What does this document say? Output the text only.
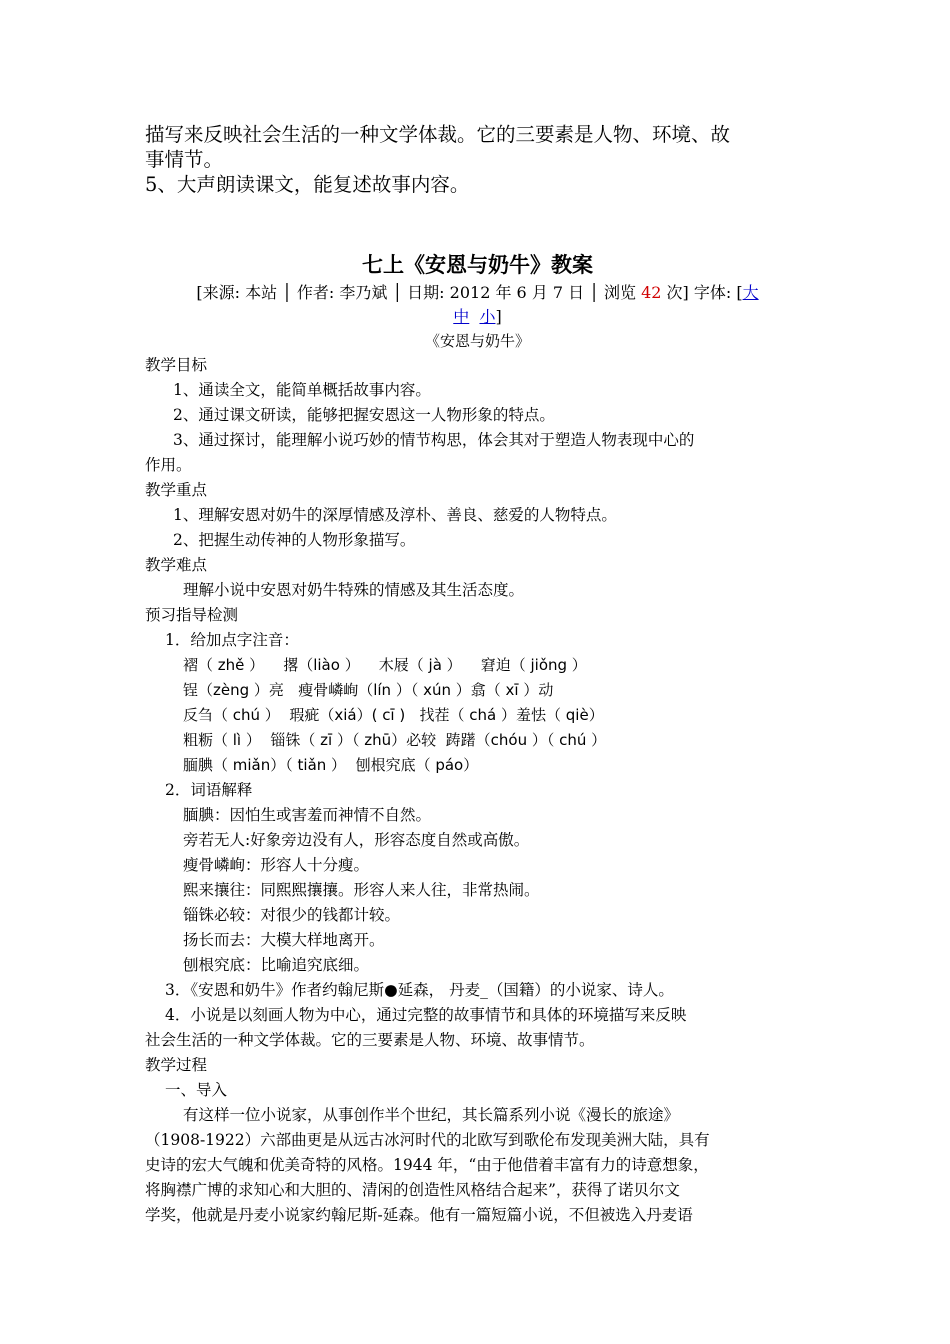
描写来反映社会生活的一种文学体裁。它的三要素是人物、环境、故

事情节。

5、大声朗读课文，能复述故事内容。

七上《安恩与奶牛》教案
[来源: 本站 │ 作者: 李乃斌 │ 日期: 2012 年 6 月 7 日 │ 浏览 42 次] 字体: [大
中 小]
《安恩与奶牛》

教学目标

1、通读全文，能简单概括故事内容。

2、通过课文研读，能够把握安恩这一人物形象的特点。

3、通过探讨，能理解小说巧妙的情节构思，体会其对于塑造人物表现中心的

作用。

教学重点

1、理解安恩对奶牛的深厚情感及淳朴、善良、慈爱的人物特点。

2、把握生动传神的人物形象描写。

教学难点

理解小说中安恩对奶牛特殊的情感及其生活态度。

预习指导检测

1．给加点字注音：

褶（ zhě ）    撂（liào ）    木屐（ jà ）    窘迫（ jiǒng ）

锃（zèng ）亮   瘦骨嶙峋（lín ）（ xún ）翕（ xī ）动

反刍（ chú ）  瑕疵（xiá）( cī )   找茬（ chá ）羞怯（ qiè）

粗粝（ lì ）  锱铢（ zī ）（ zhū）必较  踌躇（chóu ）（ chú ）

腼腆（ miǎn）（ tiǎn ）  刨根究底（ páo）

2．词语解释

腼腆：因怕生或害羞而神情不自然。

旁若无人:好象旁边没有人，形容态度自然或高傲。

瘦骨嶙峋：形容人十分瘦。

熙来攘往：同熙熙攘攘。形容人来人往，非常热闹。

锱铢必较：对很少的钱都计较。

扬长而去：大模大样地离开。

刨根究底：比喻追究底细。

3．《安恩和奶牛》作者约翰尼斯●延森， 丹麦_（国籍）的小说家、诗人。

4．小说是以刻画人物为中心，通过完整的故事情节和具体的环境描写来反映

社会生活的一种文学体裁。它的三要素是人物、环境、故事情节。

教学过程

一、导入

有这样一位小说家，从事创作半个世纪，其长篇系列小说《漫长的旅途》

（1908-1922）六部曲更是从远古冰河时代的北欧写到歌伦布发现美洲大陆，具有

史诗的宏大气魄和优美奇特的风格。1944 年，“由于他借着丰富有力的诗意想象，

将胸襟广博的求知心和大胆的、清闲的创造性风格结合起来”，获得了诺贝尔文

学奖，他就是丹麦小说家约翰尼斯-延森。他有一篇短篇小说，不但被选入丹麦语
